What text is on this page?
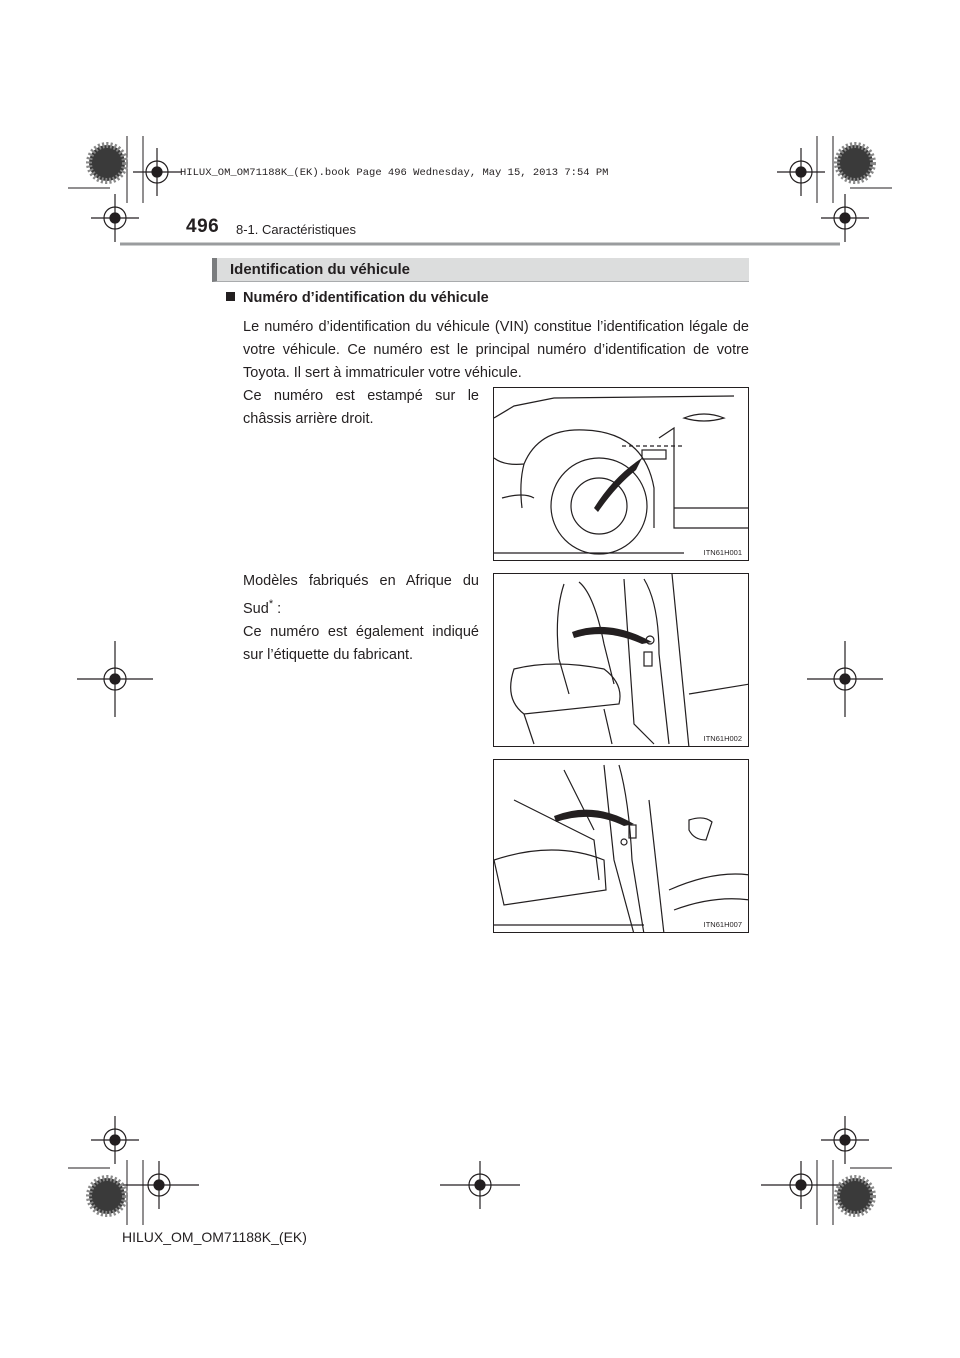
HILUX_OM_OM71188K_(EK).book Page 496 Wednesday, May 15, 2013 7:54 PM
496 8-1. Caractéristiques
Identification du véhicule
Numéro d’identification du véhicule
Le numéro d’identification du véhicule (VIN) constitue l’identification légale de votre véhicule. Ce numéro est le principal numéro d’identification de votre Toyota. Il sert à immatriculer votre véhicule.

Ce numéro est estampé sur le châssis arrière droit.

Modèles fabriqués en Afrique du Sud* :

Ce numéro est également indiqué sur l’étiquette du fabricant.

ITN61H001
ITN61H002
ITN61H007
HILUX_OM_OM71188K_(EK)
